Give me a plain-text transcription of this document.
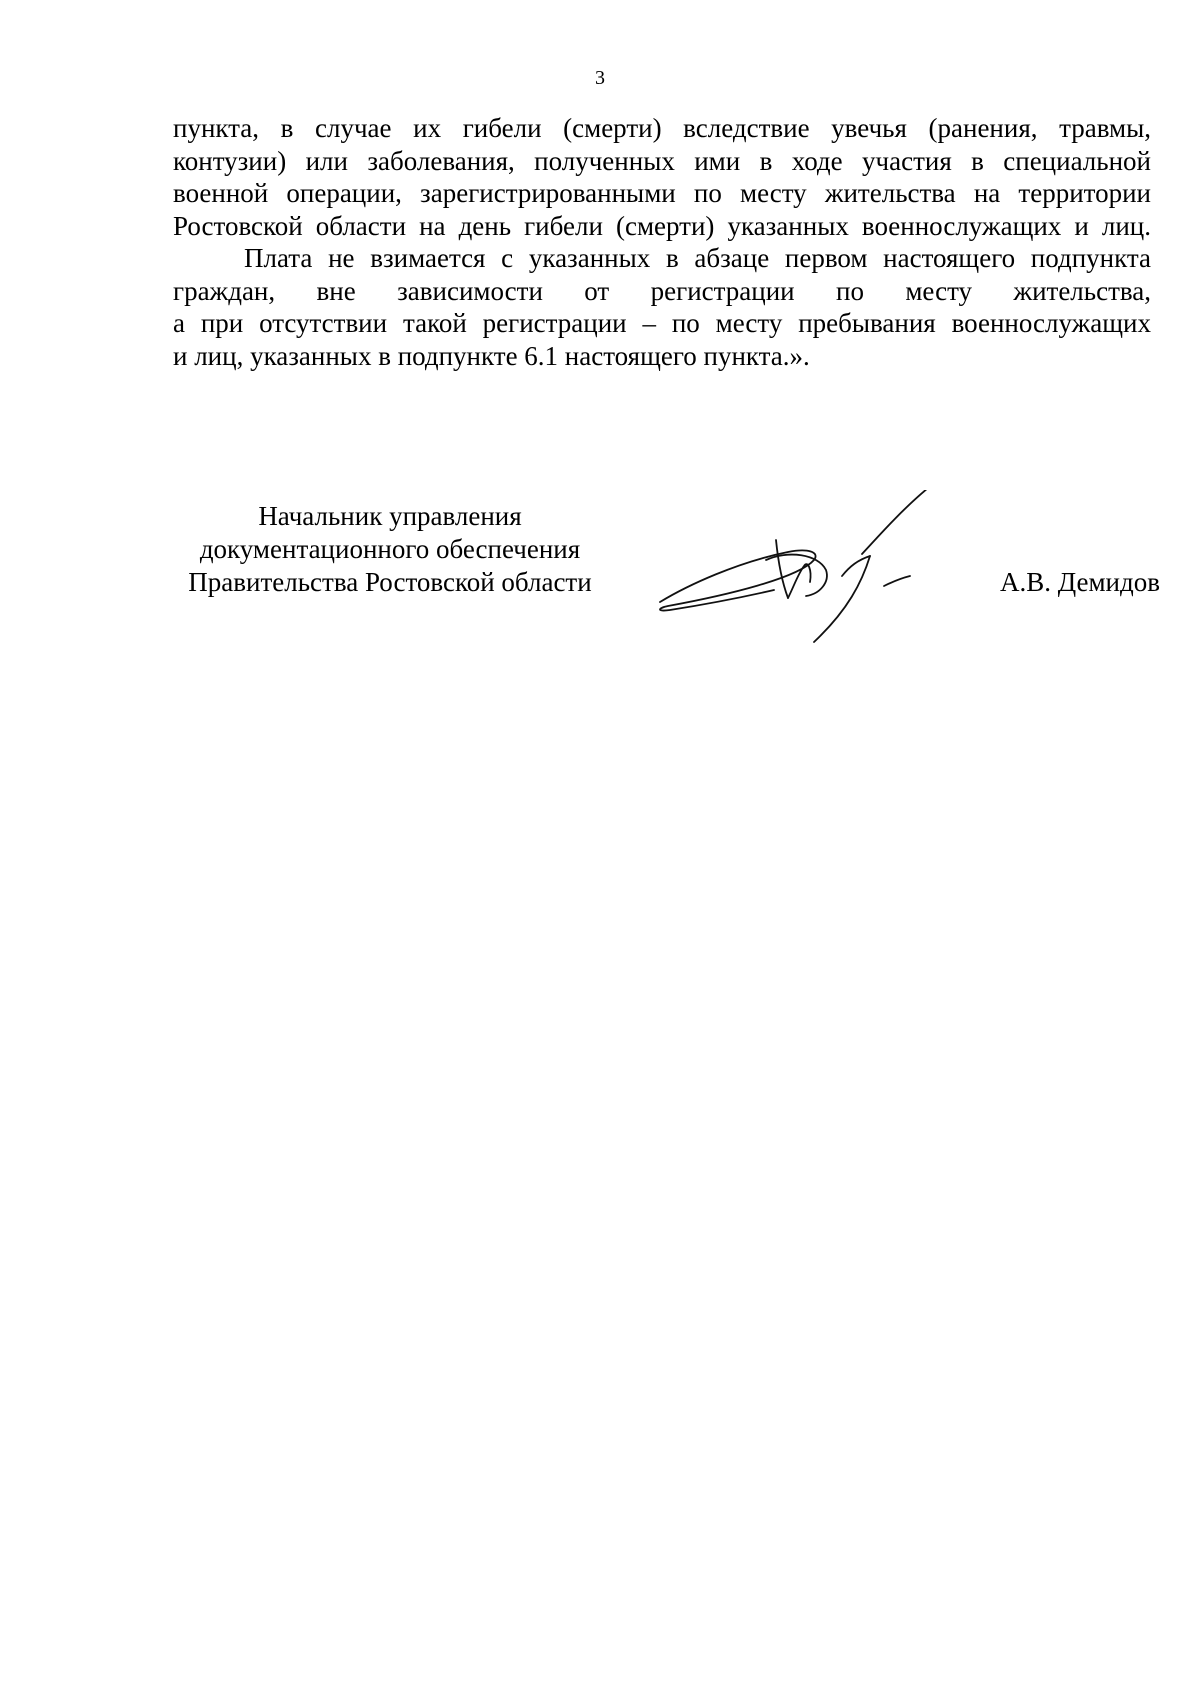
3
пункта, в случае их гибели (смерти) вследствие увечья (ранения, травмы,
контузии) или заболевания, полученных ими в ходе участия в специальной
военной операции, зарегистрированными по месту жительства на территории
Ростовской области на день гибели (смерти) указанных военнослужащих и лиц.
Плата не взимается с указанных в абзаце первом настоящего подпункта
граждан, вне зависимости от регистрации по месту жительства,
а при отсутствии такой регистрации – по месту пребывания военнослужащих
и лиц, указанных в подпункте 6.1 настоящего пункта.».
Начальник управления
документационного обеспечения
Правительства Ростовской области	А.В. Демидов
